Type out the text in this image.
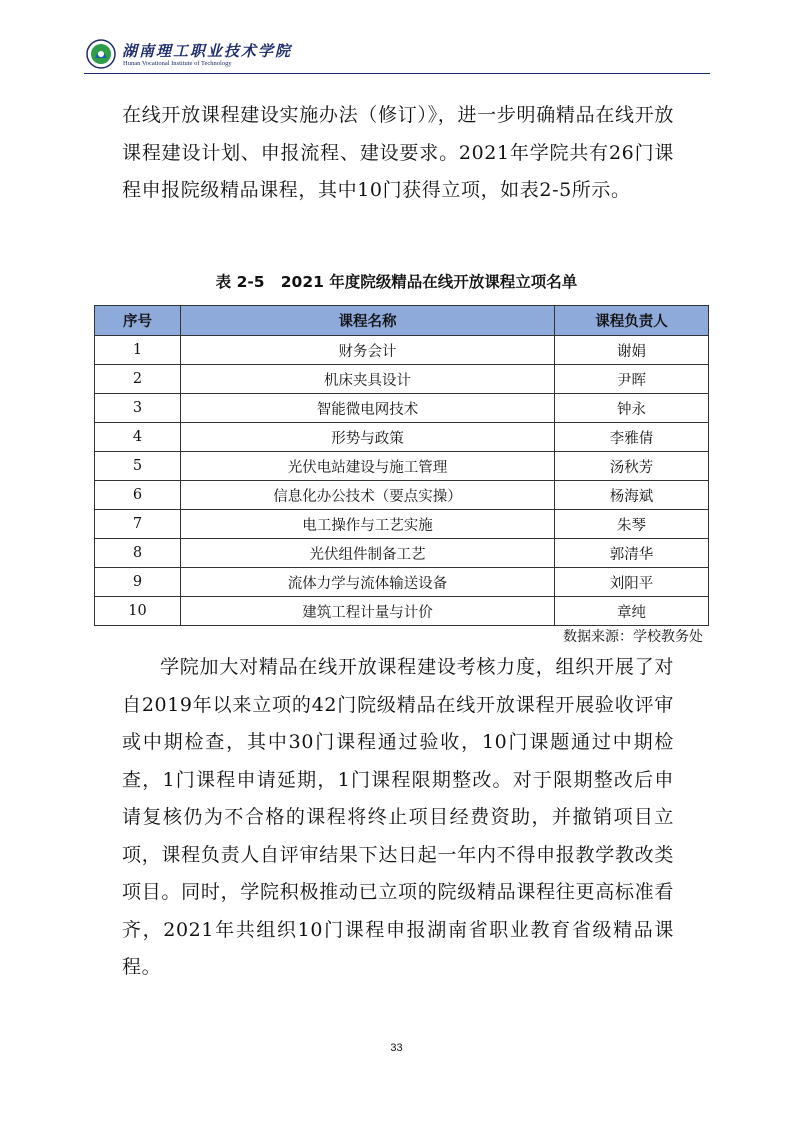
湖南理工职业技术学院
Hunan Vocational Institute of Technology

在线开放课程建设实施办法（修订）》，进一步明确精品在线开放课程建设计划、申报流程、建设要求。2021年学院共有26门课程申报院级精品课程，其中10门获得立项，如表2-5所示。

表 2-5   2021 年度院级精品在线开放课程立项名单
序号	课程名称	课程负责人
1	财务会计	谢娟
2	机床夹具设计	尹晖
3	智能微电网技术	钟永
4	形势与政策	李雅倩
5	光伏电站建设与施工管理	汤秋芳
6	信息化办公技术（要点实操）	杨海斌
7	电工操作与工艺实施	朱琴
8	光伏组件制备工艺	郭清华
9	流体力学与流体输送设备	刘阳平
10	建筑工程计量与计价	章纯
数据来源：学校教务处

学院加大对精品在线开放课程建设考核力度，组织开展了对自2019年以来立项的42门院级精品在线开放课程开展验收评审或中期检查，其中30门课程通过验收，10门课题通过中期检查，1门课程申请延期，1门课程限期整改。对于限期整改后申请复核仍为不合格的课程将终止项目经费资助，并撤销项目立项，课程负责人自评审结果下达日起一年内不得申报教学教改类项目。同时，学院积极推动已立项的院级精品课程往更高标准看齐，2021年共组织10门课程申报湖南省职业教育省级精品课程。

33
